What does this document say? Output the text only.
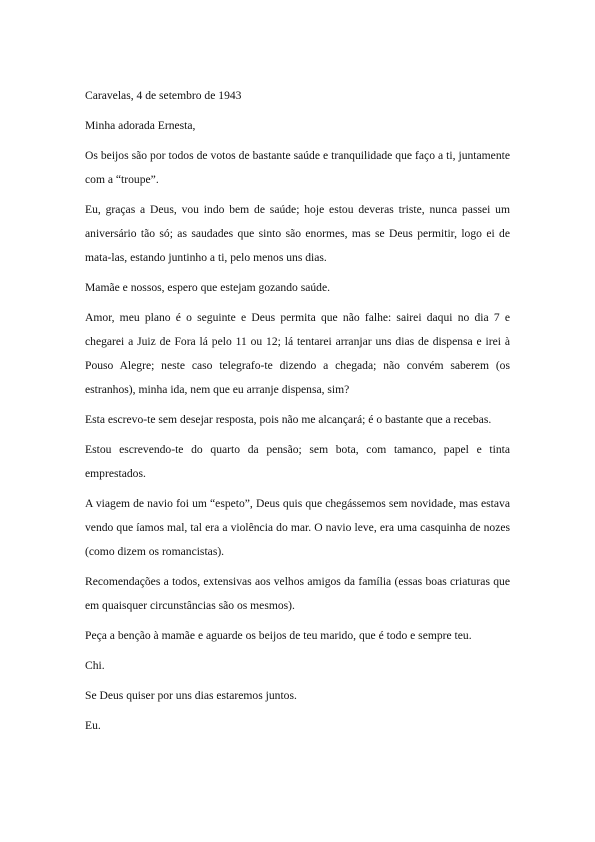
Caravelas, 4 de setembro de 1943

Minha adorada Ernesta,

Os beijos são por todos de votos de bastante saúde e tranquilidade que faço a ti, juntamente com a “troupe”.

Eu, graças a Deus, vou indo bem de saúde; hoje estou deveras triste, nunca passei um aniversário tão só; as saudades que sinto são enormes, mas se Deus permitir, logo ei de mata-las, estando juntinho a ti, pelo menos uns dias.

Mamãe e nossos, espero que estejam gozando saúde.

Amor, meu plano é o seguinte e Deus permita que não falhe: sairei daqui no dia 7 e chegarei a Juiz de Fora lá pelo 11 ou 12; lá tentarei arranjar uns dias de dispensa e irei à Pouso Alegre; neste caso telegrafo-te dizendo a chegada; não convém saberem (os estranhos), minha ida, nem que eu arranje dispensa, sim?

Esta escrevo-te sem desejar resposta, pois não me alcançará; é o bastante que a recebas.

Estou escrevendo-te do quarto da pensão; sem bota, com tamanco, papel e tinta emprestados.

A viagem de navio foi um “espeto”, Deus quis que chegássemos sem novidade, mas estava vendo que íamos mal, tal era a violência do mar. O navio leve, era uma casquinha de nozes (como dizem os romancistas).

Recomendações a todos, extensivas aos velhos amigos da família (essas boas criaturas que em quaisquer circunstâncias são os mesmos).

Peça a benção à mamãe e aguarde os beijos de teu marido, que é todo e sempre teu.

Chi.

Se Deus quiser por uns dias estaremos juntos.

Eu.
